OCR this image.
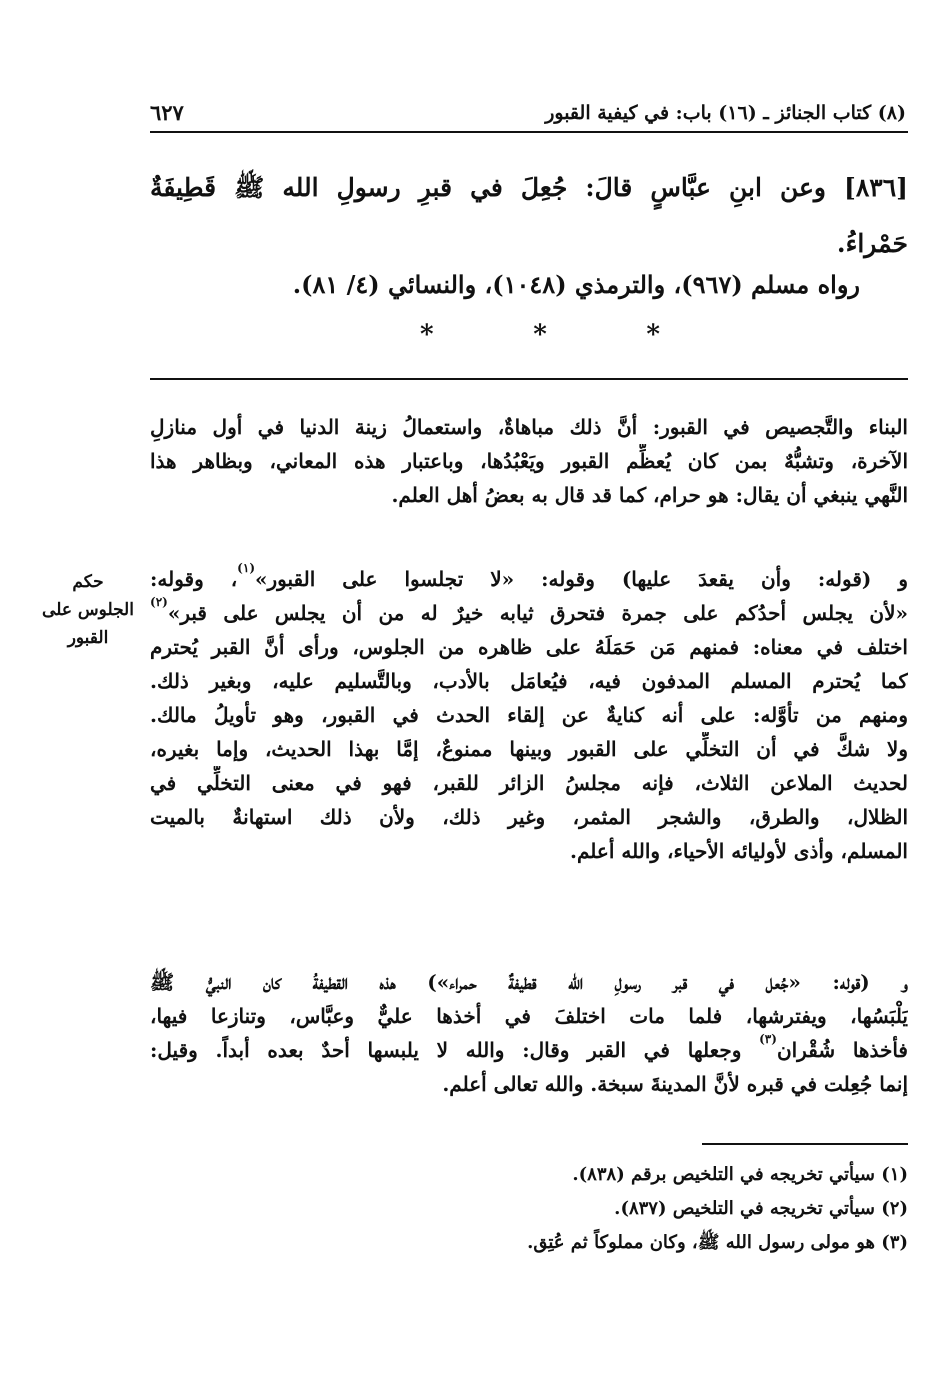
(٨) كتاب الجنائز ـ (١٦) باب: في كيفية القبور
٦٢٧
[٨٣٦] وعن ابنِ عبَّاسٍ قالَ: جُعِلَ في قبرِ رسولِ الله ﷺ قَطِيفَةٌ
حَمْراءُ.
رواه مسلم (٩٦٧)، والترمذي (١٠٤٨)، والنسائي (٤/ ٨١).
*	*	*
البناء والتَّجصيص في القبور: أنَّ ذلك مباهاةٌ، واستعمالُ زينة الدنيا في أول منازلِ
الآخرة، وتشبُّهٌ بمن كان يُعظِّم القبور ويَعْبُدُها، وباعتبار هذه المعاني، وبظاهر هذا
النَّهي ينبغي أن يقال: هو حرام، كما قد قال به بعضُ أهل العلم.
حكم
الجلوس على
القبور
و (قوله: وأن يقعدَ عليها) وقوله: «لا تجلسوا على القبور»$^{(١)}$، وقوله:
«لأن يجلس أحدُكم على جمرة فتحرق ثيابه خيرٌ له من أن يجلس على قبر»$^{(٢)}$
اختلف في معناه: فمنهم مَن حَمَلَهُ على ظاهره من الجلوس، ورأى أنَّ القبر يُحترم
كما يُحترم المسلم المدفون فيه، فيُعامَل بالأدب، وبالتَّسليم عليه، وبغير ذلك.
ومنهم من تأوَّله: على أنه كنايةٌ عن إلقاء الحدث في القبور، وهو تأويلُ مالك.
ولا شكَّ في أن التخلِّي على القبور وبينها ممنوعٌ، إمَّا بهذا الحديث، وإما بغيره،
لحديث الملاعن الثلاث، فإنه مجلسُ الزائر للقبر، فهو في معنى التخلِّي في
الظلال، والطرق، والشجر المثمر، وغير ذلك، ولأن ذلك استهانةٌ بالميت
المسلم، وأذى لأوليائه الأحياء، والله أعلم.
و (قوله: «جُعل في قبر رسولِ الله قطيفةٌ حمراء») هذه القطيفةُ كان النبيُّ ﷺ
يَلْبَسُها، ويفترشها، فلما مات اختلفَ في أخذها عليٌّ وعبَّاس، وتنازعا فيها،
فأخذها شُقْران$^{(٣)}$ وجعلها في القبر وقال: والله لا يلبسها أحدٌ بعده أبداً. وقيل:
إنما جُعِلت في قبره لأنَّ المدينةَ سبخة. والله تعالى أعلم.
(١) سيأتي تخريجه في التلخيص برقم (٨٣٨).
(٢) سيأتي تخريجه في التلخيص (٨٣٧).
(٣) هو مولى رسول الله ﷺ، وكان مملوكاً ثم عُتِق.
